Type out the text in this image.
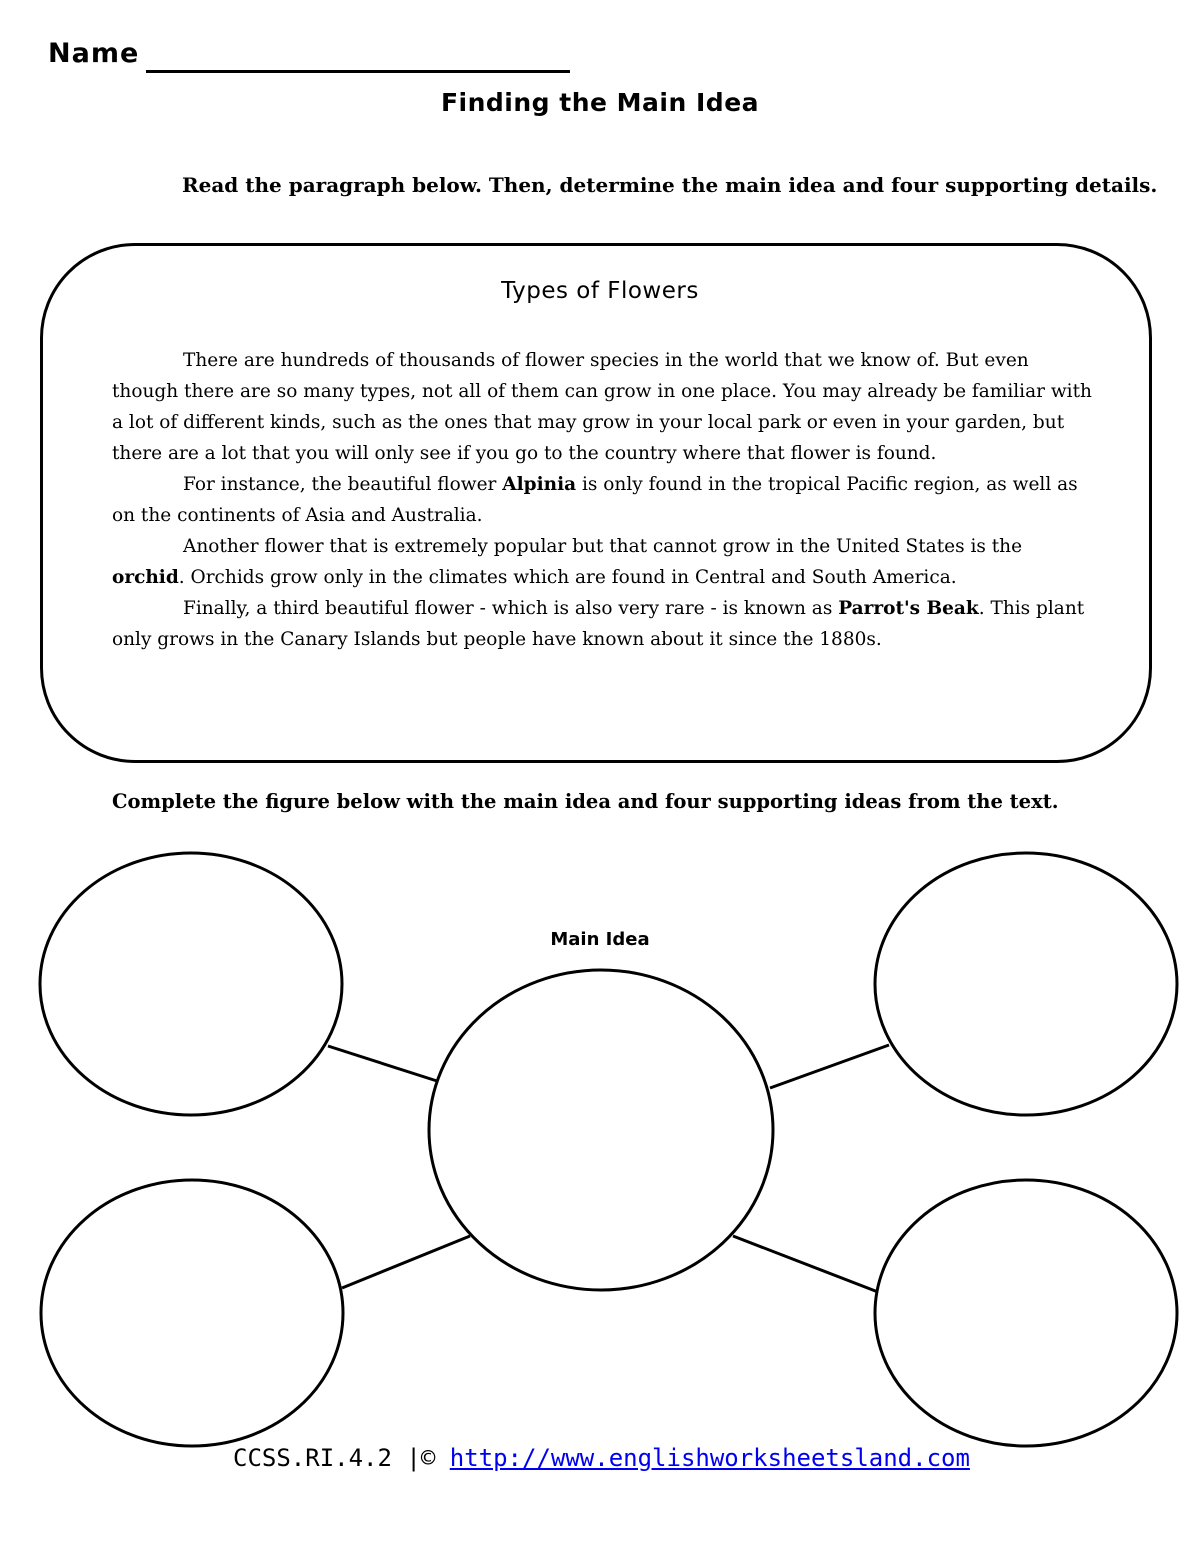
Name
Finding the Main Idea
Read the paragraph below. Then, determine the main idea and four supporting details.
Types of Flowers

There are hundreds of thousands of flower species in the world that we know of. But even though there are so many types, not all of them can grow in one place. You may already be familiar with a lot of different kinds, such as the ones that may grow in your local park or even in your garden, but there are a lot that you will only see if you go to the country where that flower is found.

For instance, the beautiful flower Alpinia is only found in the tropical Pacific region, as well as on the continents of Asia and Australia.

Another flower that is extremely popular but that cannot grow in the United States is the orchid. Orchids grow only in the climates which are found in Central and South America.

Finally, a third beautiful flower - which is also very rare - is known as Parrot's Beak. This plant only grows in the Canary Islands but people have known about it since the 1880s.

Complete the figure below with the main idea and four supporting ideas from the text.
Main Idea
CCSS.RI.4.2 |© http://www.englishworksheetsland.com
